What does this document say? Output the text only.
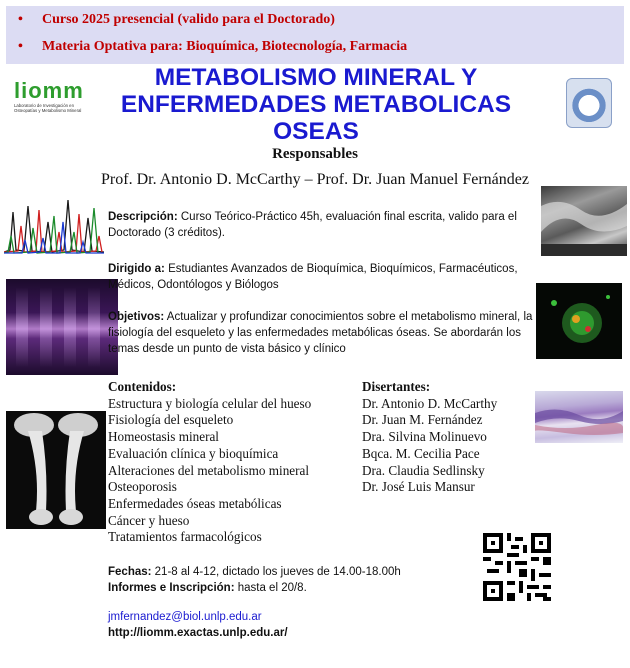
• Curso 2025 presencial (valido para el Doctorado)
• Materia Optativa para: Bioquímica, Biotecnología, Farmacia
liomm
Laboratorio de Investigación en Osteopatías y Metabolismo Mineral
METABOLISMO MINERAL Y
ENFERMEDADES METABOLICAS
OSEAS
Responsables
Prof. Dr. Antonio D. McCarthy – Prof. Dr. Juan Manuel Fernández
Descripción: Curso Teórico-Práctico 45h, evaluación final escrita, valido para el Doctorado (3 créditos).
Dirigido a: Estudiantes Avanzados de Bioquímica, Bioquímicos, Farmacéuticos, Médicos, Odontólogos y Biólogos
Objetivos: Actualizar y profundizar conocimientos sobre el metabolismo mineral, la fisiología del esqueleto y las enfermedades metabólicas óseas. Se abordarán los temas desde un punto de vista básico y clínico
Contenidos:
Estructura y biología celular del hueso
Fisiología del esqueleto
Homeostasis mineral
Evaluación clínica y bioquímica
Alteraciones del metabolismo mineral
Osteoporosis
Enfermedades óseas metabólicas
Cáncer y hueso
Tratamientos farmacológicos
Disertantes:
Dr. Antonio D. McCarthy
Dr. Juan M. Fernández
Dra. Silvina Molinuevo
Bqca. M. Cecilia Pace
Dra. Claudia Sedlinsky
Dr. José Luis Mansur
Fechas: 21-8 al 4-12, dictado los jueves de 14.00-18.00h
Informes e Inscripción: hasta el 20/8.
jmfernandez@biol.unlp.edu.ar
http://liomm.exactas.unlp.edu.ar/
